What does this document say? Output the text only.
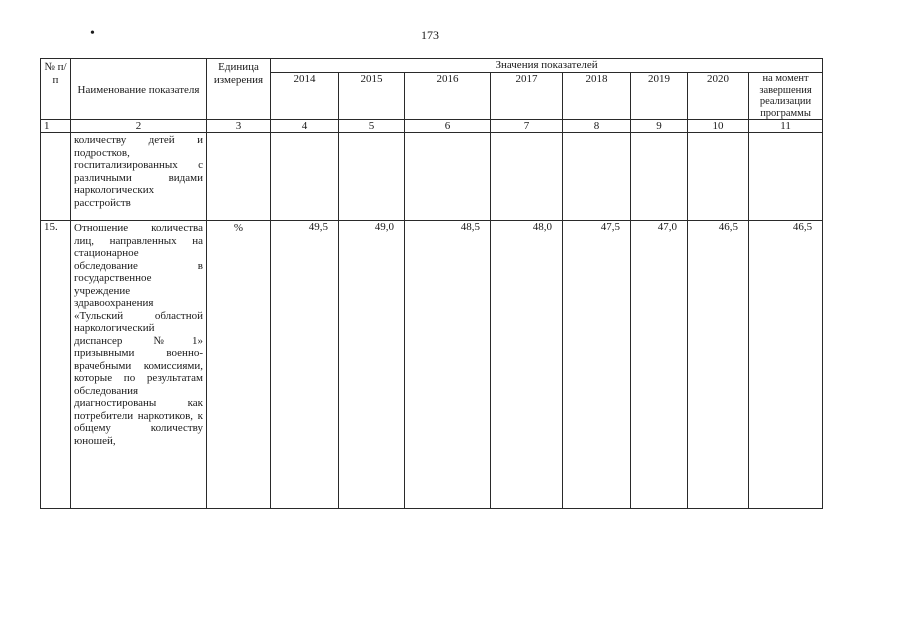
•	173
№ п/п	Наименование показателя	Единица измерения	Значения показателей							
			2014	2015	2016	2017	2018	2019	2020	на момент завершения реализации программы
1	2	3	4	5	6	7	8	9	10	11
	количеству детей и подростков, госпитализированных с различными видами наркологических расстройств									
15.	Отношение количества лиц, направленных на стационарное обследование в государственное учреждение здравоохранения «Тульский областной наркологический диспансер №1» призывными военно-врачебными комиссиями, которые по результатам обследования диагностированы как потребители наркотиков, к общему количеству юношей,	%	49,5	49,0	48,5	48,0	47,5	47,0	46,5	46,5
